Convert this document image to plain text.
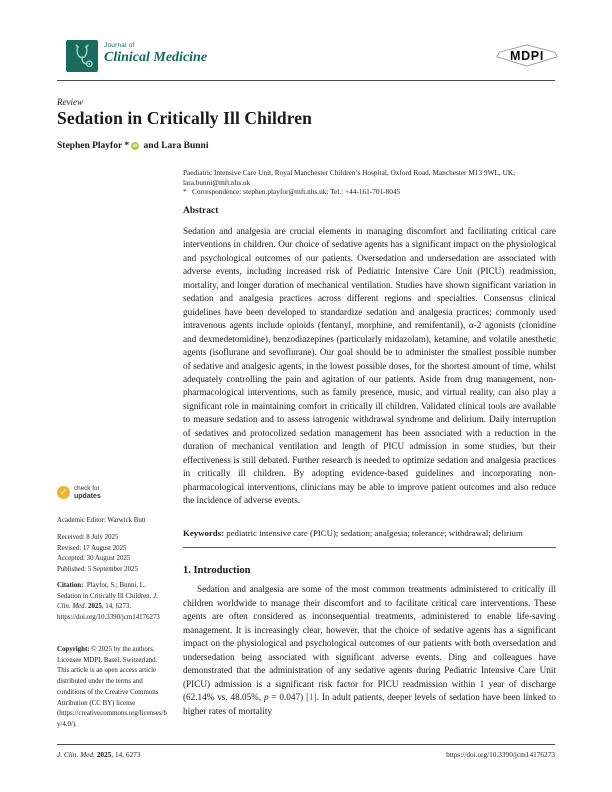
Journal of
Clinical Medicine	MDPI
Review
Sedation in Critically Ill Children
Stephen Playfor * iD and Lara Bunni
Paediatric Intensive Care Unit, Royal Manchester Children’s Hospital, Oxford Road, Manchester M13 9WL, UK;
lara.bunni@mft.nhs.uk
* Correspondence: stephen.playfor@mft.nhs.uk; Tel.: +44-161-701-8045
Abstract
Sedation and analgesia are crucial elements in managing discomfort and facilitating critical care interventions in children. Our choice of sedative agents has a significant impact on the physiological and psychological outcomes of our patients. Oversedation and undersedation are associated with adverse events, including increased risk of Pediatric Intensive Care Unit (PICU) readmission, mortality, and longer duration of mechanical ventilation. Studies have shown significant variation in sedation and analgesia practices across different regions and specialties. Consensus clinical guidelines have been developed to standardize sedation and analgesia practices; commonly used intravenous agents include opioids (fentanyl, morphine, and remifentanil), α-2 agonists (clonidine and dexmedetomidine), benzodiazepines (particularly midazolam), ketamine, and volatile anesthetic agents (isoflurane and sevoflurane). Our goal should be to administer the smallest possible number of sedative and analgesic agents, in the lowest possible doses, for the shortest amount of time, whilst adequately controlling the pain and agitation of our patients. Aside from drug management, non-pharmacological interventions, such as family presence, music, and virtual reality, can also play a significant role in maintaining comfort in critically ill children. Validated clinical tools are available to measure sedation and to assess iatrogenic withdrawal syndrome and delirium. Daily interruption of sedatives and protocolized sedation management has been associated with a reduction in the duration of mechanical ventilation and length of PICU admission in some studies, but their effectiveness is still debated. Further research is needed to optimize sedation and analgesia practices in critically ill children. By adopting evidence-based guidelines and incorporating non-pharmacological interventions, clinicians may be able to improve patient outcomes and also reduce the incidence of adverse events.
Keywords: pediatric intensive care (PICU); sedation; analgesia; tolerance; withdrawal; delirium
1. Introduction
Sedation and analgesia are some of the most common treatments administered to critically ill children worldwide to manage their discomfort and to facilitate critical care interventions. These agents are often considered as inconsequential treatments, administered to enable life-saving management. It is increasingly clear, however, that the choice of sedative agents has a significant impact on the physiological and psychological outcomes of our patients with both oversedation and undersedation being associated with significant adverse events. Ding and colleagues have demonstrated that the administration of any sedative agents during Pediatric Intensive Care Unit (PICU) admission is a significant risk factor for PICU readmission within 1 year of discharge (62.14% vs. 48.05%, p = 0.047) [1]. In adult patients, deeper levels of sedation have been linked to higher rates of mortality
✓	check for
updates
Academic Editor: Warwick Butt
Received: 8 July 2025
Revised: 17 August 2025
Accepted: 30 August 2025
Published: 5 September 2025
Citation:  Playfor, S.; Bunni, L. Sedation in Critically Ill Children. J. Clin. Med. 2025, 14, 6273. https://doi.org/10.3390/jcm14176273
Copyright: © 2025 by the authors. Licensee MDPI, Basel, Switzerland. This article is an open access article distributed under the terms and conditions of the Creative Commons Attribution (CC BY) license (https://creativecommons.org/licenses/by/4.0/).
J. Clin. Med. 2025, 14, 6273	https://doi.org/10.3390/jcm14176273
